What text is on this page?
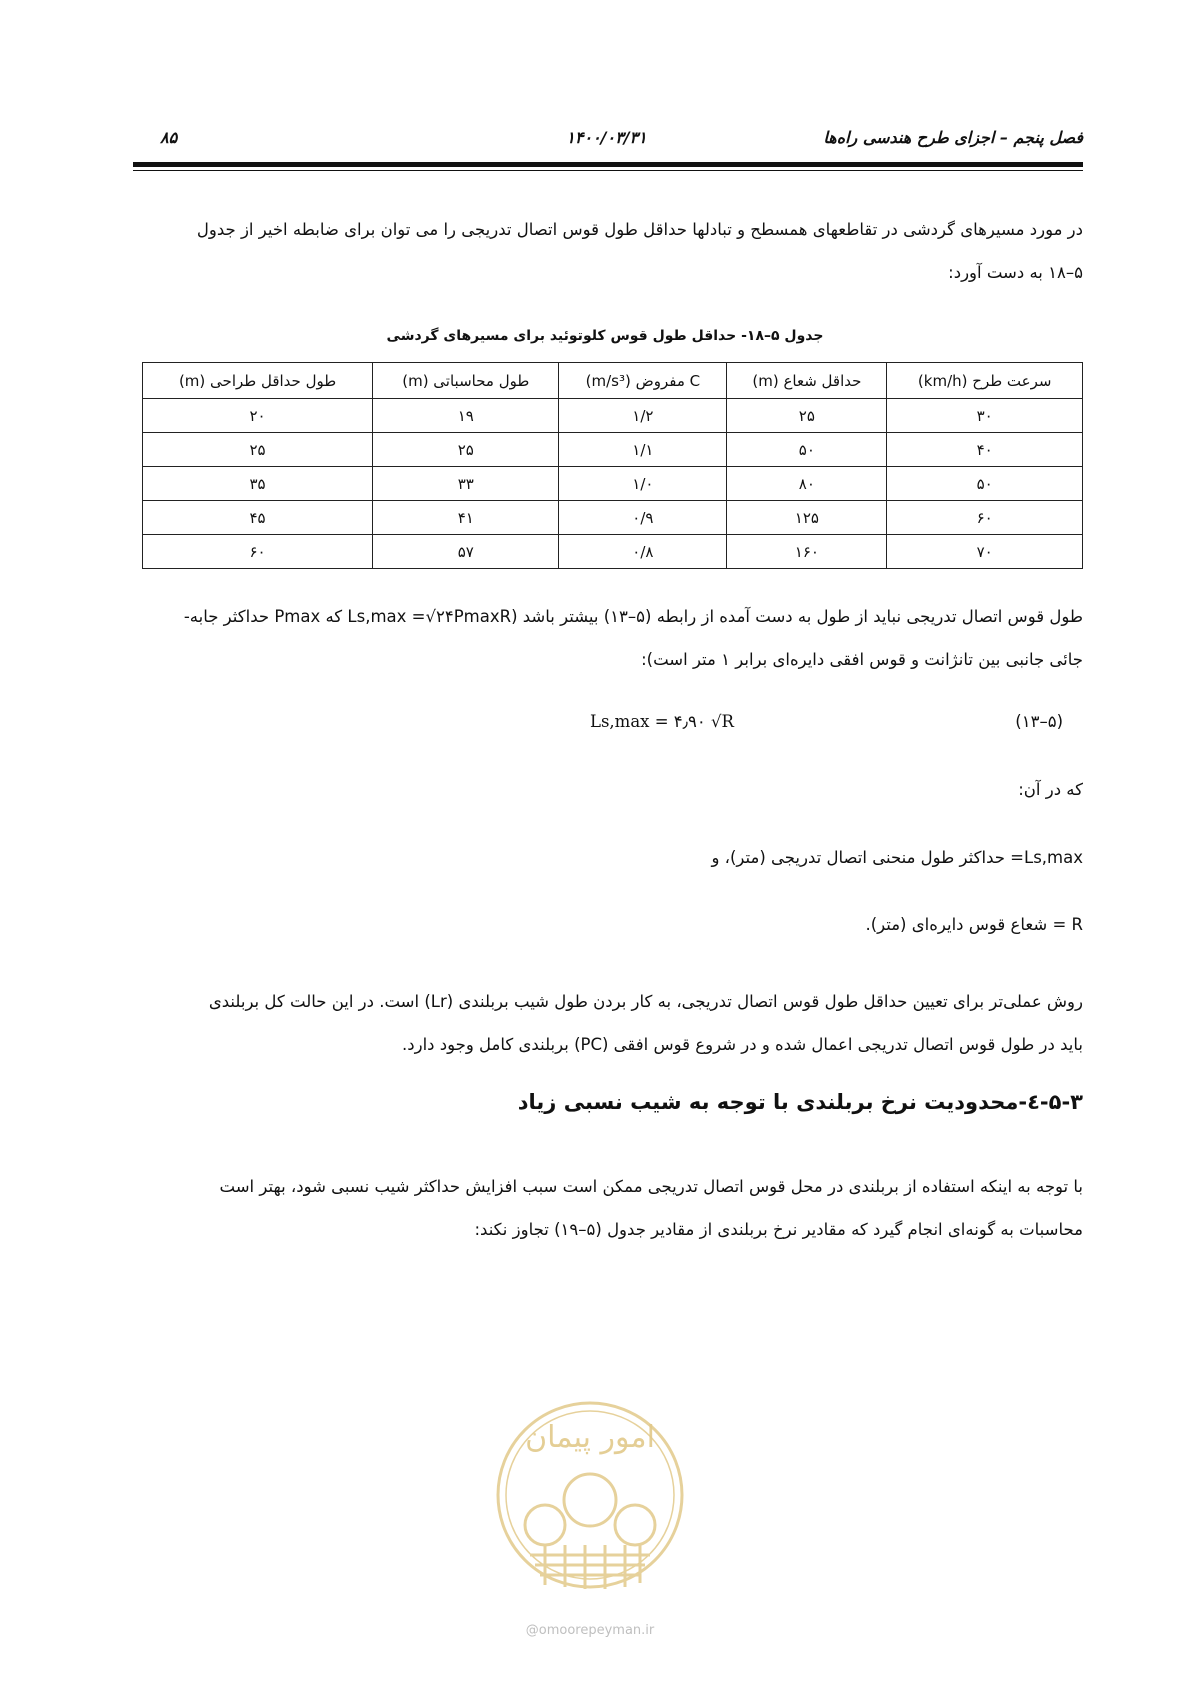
فصل پنجم – اجزای طرح هندسی راه‌ها
۱۴۰۰/۰۳/۳۱
۸۵

در مورد مسیرهای گردشی در تقاطعهای همسطح و تبادلها حداقل طول قوس اتصال تدریجی را می توان برای ضابطه اخیر از جدول

۵–۱۸ به دست آورد:

جدول ۵–۱۸- حداقل طول قوس کلوتوئید برای مسیرهای گردشی
سرعت طرح (km/h)	حداقل شعاع (m)	C مفروض (m/s³)	طول محاسباتی (m)	طول حداقل طراحی (m)
۳۰	۲۵	۱/۲	۱۹	۲۰
۴۰	۵۰	۱/۱	۲۵	۲۵
۵۰	۸۰	۱/۰	۳۳	۳۵
۶۰	۱۲۵	۰/۹	۴۱	۴۵
۷۰	۱۶۰	۰/۸	۵۷	۶۰

طول قوس اتصال تدریجی نباید از طول به دست آمده از رابطه (۵–۱۳) بیشتر باشد (Ls,max =√۲۴PmaxR که Pmax حداکثر جابه-

جائی جانبی بین تانژانت و قوس افقی دایره‌ای برابر ۱ متر است):

Ls,max = ۴٫۹۰ √R	(۵–۱۳)
که در آن:
Ls,max= حداکثر طول منحنی اتصال تدریجی (متر)، و
R = شعاع قوس دایره‌ای (متر).

روش عملی‌تر برای تعیین حداقل طول قوس اتصال تدریجی، به کار بردن طول شیب بربلندی (Lr) است. در این حالت کل بربلندی

باید در طول قوس اتصال تدریجی اعمال شده و در شروع قوس افقی (PC) بربلندی کامل وجود دارد.

۵-۳-٤-محدودیت نرخ بربلندی با توجه به شیب نسبی زیاد

با توجه به اینکه استفاده از بربلندی در محل قوس اتصال تدریجی ممکن است سبب افزایش حداکثر شیب نسبی شود، بهتر است

محاسبات به گونه‌ای انجام گیرد که مقادیر نرخ بربلندی از مقادیر جدول (۵–۱۹) تجاوز نکند:

امور پیمان
@omoorepeyman.ir
